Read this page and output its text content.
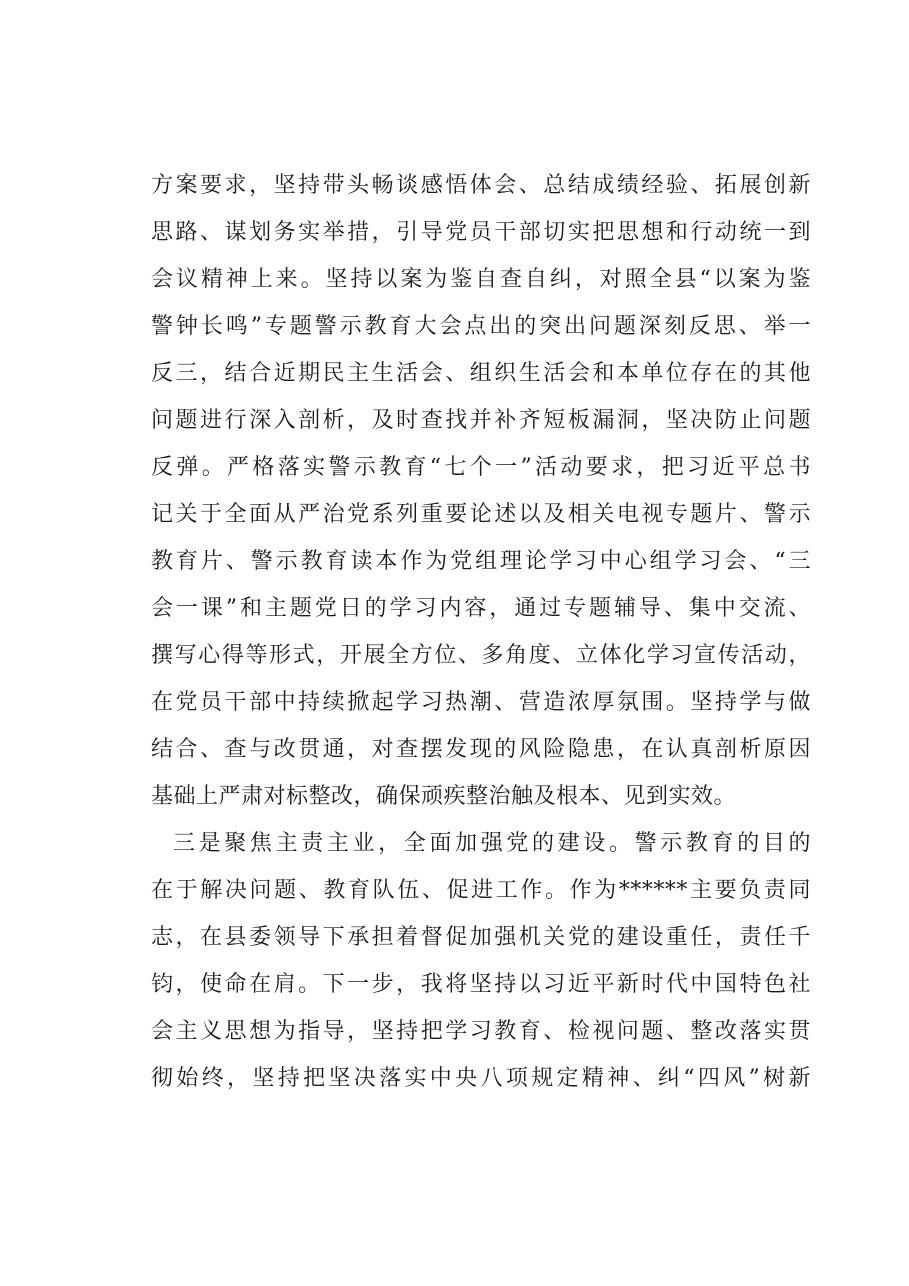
方案要求，坚持带头畅谈感悟体会、总结成绩经验、拓展创新
思路、谋划务实举措，引导党员干部切实把思想和行动统一到
会议精神上来。坚持以案为鉴自查自纠，对照全县“以案为鉴
警钟长鸣”专题警示教育大会点出的突出问题深刻反思、举一
反三，结合近期民主生活会、组织生活会和本单位存在的其他
问题进行深入剖析，及时查找并补齐短板漏洞，坚决防止问题
反弹。严格落实警示教育“七个一”活动要求，把习近平总书
记关于全面从严治党系列重要论述以及相关电视专题片、警示
教育片、警示教育读本作为党组理论学习中心组学习会、“三
会一课”和主题党日的学习内容，通过专题辅导、集中交流、
撰写心得等形式，开展全方位、多角度、立体化学习宣传活动，
在党员干部中持续掀起学习热潮、营造浓厚氛围。坚持学与做
结合、查与改贯通，对查摆发现的风险隐患，在认真剖析原因
基础上严肃对标整改，确保顽疾整治触及根本、见到实效。
三是聚焦主责主业，全面加强党的建设。警示教育的目的
在于解决问题、教育队伍、促进工作。作为******主要负责同
志，在县委领导下承担着督促加强机关党的建设重任，责任千
钧，使命在肩。下一步，我将坚持以习近平新时代中国特色社
会主义思想为指导，坚持把学习教育、检视问题、整改落实贯
彻始终，坚持把坚决落实中央八项规定精神、纠“四风”树新
